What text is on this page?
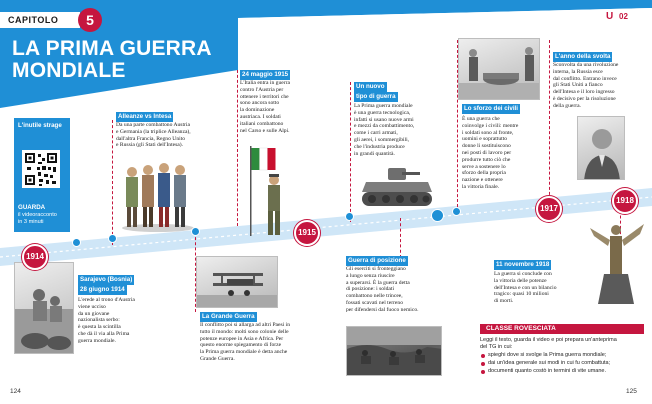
CAPITOLO	5
LA PRIMA GUERRA
MONDIALE
Il mondo in guerra U 02
L'inutile strage
GUARDA
il videoracconto
in 3 minuti
Sarajevo (Bosnia)
28 giugno 1914
L'erede al trono d'Austria
viene ucciso
da un giovane
nazionalista serbo:
è questa la scintilla
che dà il via alla Prima
guerra mondiale.
Alleanze vs Intesa
Da una parte combattono Austria
e Germania (la triplice Alleanza),
dall'altra Francia, Regno Unito
e Russia (gli Stati dell'Intesa).
La Grande Guerra
Il conflitto poi si allarga ad altri Paesi in
tutto il mondo: molti sono colonie delle
potenze europee in Asia e Africa. Per
questo enorme spiegamento di forze
la Prima guerra mondiale è detta anche
Grande Guerra.
24 maggio 1915
L'Italia entra in guerra
contro l'Austria per
ottenere i territori che
sono ancora sotto
la dominazione
austriaca. I soldati
italiani combattono
nel Carso e sulle Alpi.
Un nuovo
tipo di guerra
La Prima guerra mondiale
è una guerra tecnologica,
infatti si usano nuove armi
e mezzi da combattimento,
come i carri armati,
gli aerei, i sommergibili,
che l'industria produce
in grandi quantità.
Guerra di posizione
Gli eserciti si fronteggiano
a lungo senza riuscire
a superarsi. È la guerra detta
di posizione: i soldati
combattono nelle trincee,
fossati scavati nel terreno
per difendersi dal fuoco nemico.
Lo sforzo dei civili
È una guerra che
coinvolge i civili: mentre
i soldati sono al fronte,
uomini e soprattutto
donne li sostituiscono
nei posti di lavoro per
produrre tutto ciò che
serve a sostenere lo
sforzo della propria
nazione e ottenere
la vittoria finale.
L'anno della svolta
Sconvolta da una rivoluzione
interna, la Russia esce
dal conflitto. Entrano invece
gli Stati Uniti a fianco
dell'Intesa e il loro ingresso
è decisivo per la risoluzione
della guerra.
11 novembre 1918
La guerra si conclude con
la vittoria delle potenze
dell'Intesa e con un bilancio
tragico: quasi 10 milioni
di morti.
1914
1915
1917
1918
CLASSE ROVESCIATA
Leggi il testo, guarda il video e poi prepara un'anteprima
del TG in cui:
spieghi dove si svolge la Prima guerra mondiale;
dai un'idea generale sui modi in cui fu combattuta;
documenti quanto costò in termini di vite umane.
124	125
